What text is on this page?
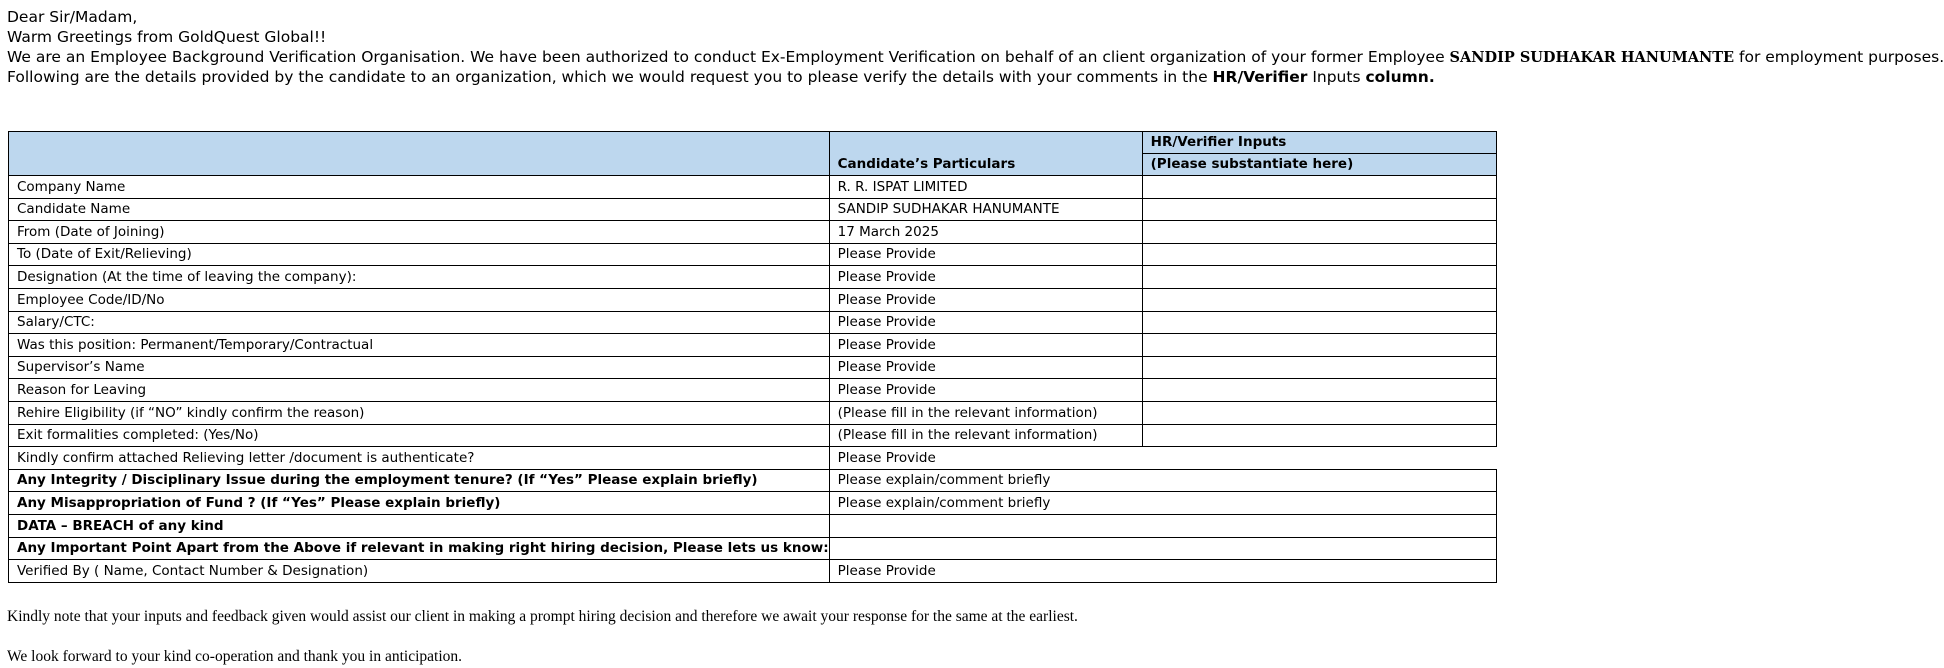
Dear Sir/Madam,
Warm Greetings from GoldQuest Global!!
We are an Employee Background Verification Organisation. We have been authorized to conduct Ex-Employment Verification on behalf of an client organization of your former Employee SANDIP SUDHAKAR HANUMANTE for employment purposes.
Following are the details provided by the candidate to an organization, which we would request you to please verify the details with your comments in the HR/Verifier Inputs column.
	Candidate’s Particulars	HR/Verifier Inputs
		(Please substantiate here)
Company Name	R. R. ISPAT LIMITED	
Candidate Name	SANDIP SUDHAKAR HANUMANTE	
From (Date of Joining)	17 March 2025	
To (Date of Exit/Relieving)	Please Provide	
Designation (At the time of leaving the company):	Please Provide	
Employee Code/ID/No	Please Provide	
Salary/CTC:	Please Provide	
Was this position: Permanent/Temporary/Contractual	Please Provide	
Supervisor’s Name	Please Provide	
Reason for Leaving	Please Provide	
Rehire Eligibility (if “NO” kindly confirm the reason)	(Please fill in the relevant information)	
Exit formalities completed: (Yes/No)	(Please fill in the relevant information)	
Kindly confirm attached Relieving letter /document is authenticate?	Please Provide	
Any Integrity / Disciplinary Issue during the employment tenure? (If “Yes” Please explain briefly)	Please explain/comment briefly	
Any Misappropriation of Fund ? (If “Yes” Please explain briefly)	Please explain/comment briefly	
DATA – BREACH of any kind		
Any Important Point Apart from the Above if relevant in making right hiring decision, Please lets us know:		
Verified By ( Name, Contact Number & Designation)	Please Provide	
Kindly note that your inputs and feedback given would assist our client in making a prompt hiring decision and therefore we await your response for the same at the earliest.
We look forward to your kind co-operation and thank you in anticipation.
